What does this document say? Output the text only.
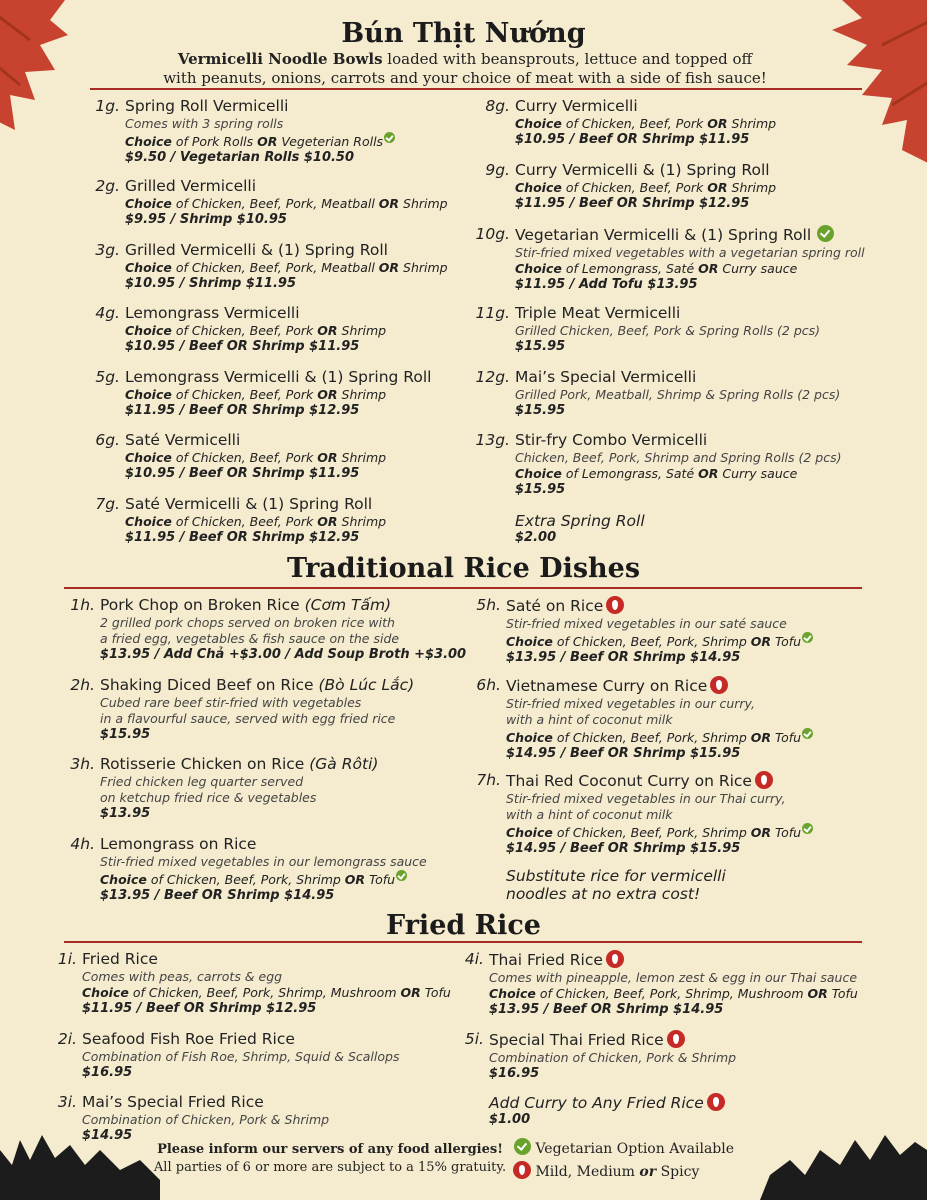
Bún Thịt Nướng
Vermicelli Noodle Bowls loaded with beansprouts, lettuce and topped off
with peanuts, onions, carrots and your choice of meat with a side of fish sauce!
1g. Spring Roll Vermicelli
Comes with 3 spring rolls
Choice of Pork Rolls OR Vegeterian Rolls
$9.50 / Vegetarian Rolls $10.50
2g. Grilled Vermicelli
Choice of Chicken, Beef, Pork, Meatball OR Shrimp
$9.95 / Shrimp $10.95
3g. Grilled Vermicelli & (1) Spring Roll
Choice of Chicken, Beef, Pork, Meatball OR Shrimp
$10.95 / Shrimp $11.95
4g. Lemongrass Vermicelli
Choice of Chicken, Beef, Pork OR Shrimp
$10.95 / Beef OR Shrimp $11.95
5g. Lemongrass Vermicelli & (1) Spring Roll
Choice of Chicken, Beef, Pork OR Shrimp
$11.95 / Beef OR Shrimp $12.95
6g. Saté Vermicelli
Choice of Chicken, Beef, Pork OR Shrimp
$10.95 / Beef OR Shrimp $11.95
7g. Saté Vermicelli & (1) Spring Roll
Choice of Chicken, Beef, Pork OR Shrimp
$11.95 / Beef OR Shrimp $12.95
8g. Curry Vermicelli
Choice of Chicken, Beef, Pork OR Shrimp
$10.95 / Beef OR Shrimp $11.95
9g. Curry Vermicelli & (1) Spring Roll
Choice of Chicken, Beef, Pork OR Shrimp
$11.95 / Beef OR Shrimp $12.95
10g. Vegetarian Vermicelli & (1) Spring Roll
Stir-fried mixed vegetables with a vegetarian spring roll
Choice of Lemongrass, Saté OR Curry sauce
$11.95 / Add Tofu $13.95
11g. Triple Meat Vermicelli
Grilled Chicken, Beef, Pork & Spring Rolls (2 pcs)
$15.95
12g. Mai’s Special Vermicelli
Grilled Pork, Meatball, Shrimp & Spring Rolls (2 pcs)
$15.95
13g. Stir-fry Combo Vermicelli
Chicken, Beef, Pork, Shrimp and Spring Rolls (2 pcs)
Choice of Lemongrass, Saté OR Curry sauce
$15.95
Extra Spring Roll
$2.00
Traditional Rice Dishes
1h. Pork Chop on Broken Rice (Cơm Tấm)
2 grilled pork chops served on broken rice with
a fried egg, vegetables & fish sauce on the side
$13.95 / Add Chả +$3.00 / Add Soup Broth +$3.00
2h. Shaking Diced Beef on Rice (Bò Lúc Lắc)
Cubed rare beef stir-fried with vegetables
in a flavourful sauce, served with egg fried rice
$15.95
3h. Rotisserie Chicken on Rice (Gà Rôti)
Fried chicken leg quarter served
on ketchup fried rice & vegetables
$13.95
4h. Lemongrass on Rice
Stir-fried mixed vegetables in our lemongrass sauce
Choice of Chicken, Beef, Pork, Shrimp OR Tofu
$13.95 / Beef OR Shrimp $14.95
5h. Saté on Rice
Stir-fried mixed vegetables in our saté sauce
Choice of Chicken, Beef, Pork, Shrimp OR Tofu
$13.95 / Beef OR Shrimp $14.95
6h. Vietnamese Curry on Rice
Stir-fried mixed vegetables in our curry,
with a hint of coconut milk
Choice of Chicken, Beef, Pork, Shrimp OR Tofu
$14.95 / Beef OR Shrimp $15.95
7h. Thai Red Coconut Curry on Rice
Stir-fried mixed vegetables in our Thai curry,
with a hint of coconut milk
Choice of Chicken, Beef, Pork, Shrimp OR Tofu
$14.95 / Beef OR Shrimp $15.95
Substitute rice for vermicelli
noodles at no extra cost!
Fried Rice
1i. Fried Rice
Comes with peas, carrots & egg
Choice of Chicken, Beef, Pork, Shrimp, Mushroom OR Tofu
$11.95 / Beef OR Shrimp $12.95
2i. Seafood Fish Roe Fried Rice
Combination of Fish Roe, Shrimp, Squid & Scallops
$16.95
3i. Mai’s Special Fried Rice
Combination of Chicken, Pork & Shrimp
$14.95
4i. Thai Fried Rice
Comes with pineapple, lemon zest & egg in our Thai sauce
Choice of Chicken, Beef, Pork, Shrimp, Mushroom OR Tofu
$13.95 / Beef OR Shrimp $14.95
5i. Special Thai Fried Rice
Combination of Chicken, Pork & Shrimp
$16.95
Add Curry to Any Fried Rice
$1.00
Please inform our servers of any food allergies!
All parties of 6 or more are subject to a 15% gratuity.
Vegetarian Option Available
Mild, Medium or Spicy
